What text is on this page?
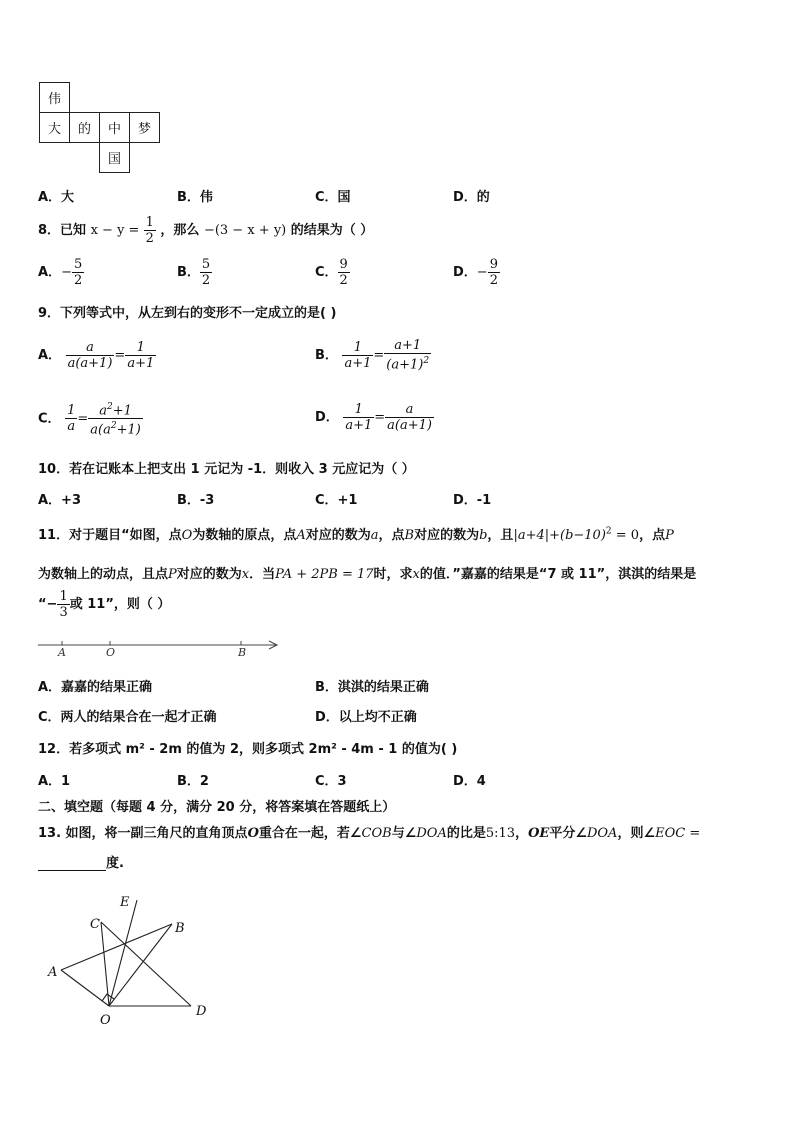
伟
大	的	中	梦
国
A．大	B．伟	C．国	D．的
8．已知 $x - y = \frac{1}{2}$ ，那么 −(3 − x + y) 的结果为（ ）
A．− $\frac{5}{2}$	B． $\frac{5}{2}$	C． $\frac{9}{2}$	D．− $\frac{9}{2}$
9．下列等式中，从左到右的变形不一定成立的是( )
A． $\frac{a}{a(a+1)} = \frac{1}{a+1}$	B． $\frac{1}{a+1} = \frac{a+1}{(a+1)^2}$
C． $\frac{1}{a} = \frac{a^2+1}{a(a^2+1)}$	D． $\frac{1}{a+1} = \frac{a}{a(a+1)}$
10．若在记账本上把支出 1 元记为 -1．则收入 3 元应记为（ ）
A．+3	B．-3	C．+1	D．-1
11．对于题目“如图，点O为数轴的原点，点A对应的数为a，点B对应的数为b，且$|a+4|+(b-10)^2 = 0$，点P
为数轴上的动点，且点P对应的数为x．当PA + 2PB = 17时，求x的值．”嘉嘉的结果是“7 或 11”，淇淇的结果是
“− $\frac{1}{3}$ 或 11”，则（ ）
A	O	B
A．嘉嘉的结果正确	B．淇淇的结果正确
C．两人的结果合在一起才正确	D．以上均不正确
12．若多项式 m² - 2m 的值为 2，则多项式 2m² - 4m - 1 的值为( )
A．1	B．2	C．3	D．4
二、填空题（每题 4 分，满分 20 分，将答案填在答题纸上）
13. 如图，将一副三角尺的直角顶点O重合在一起，若∠COB与∠DOA的比是5:13，OE平分∠DOA，则∠EOC =
度.
C
E
B
A
O
D
